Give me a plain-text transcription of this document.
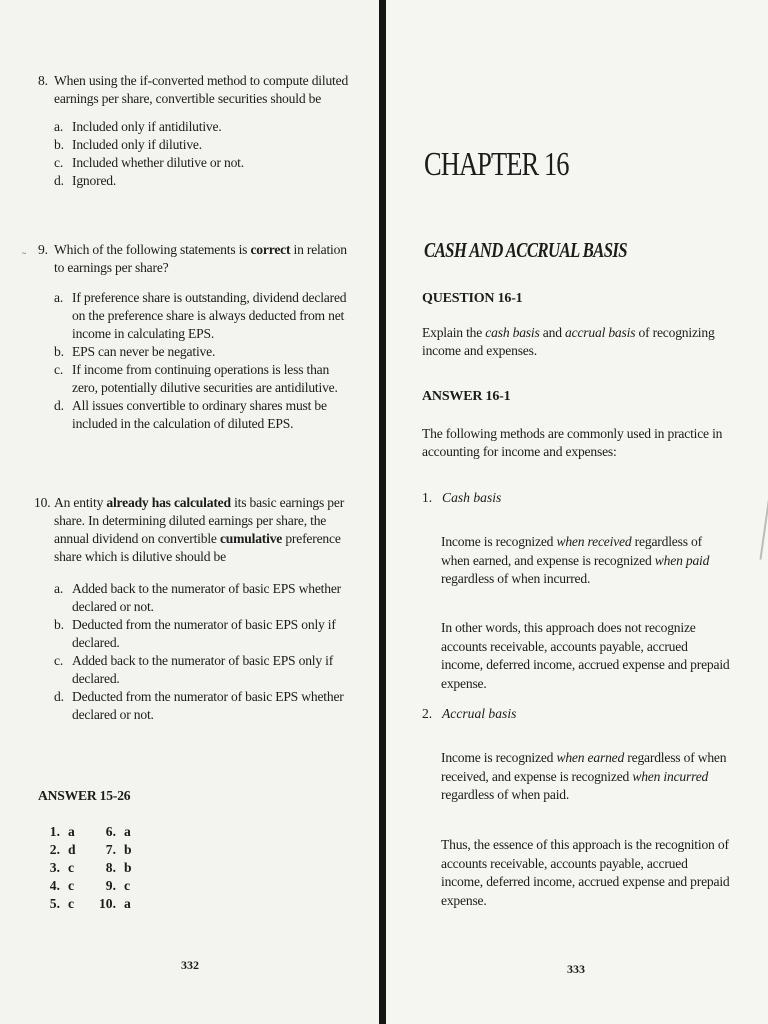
8. When using the if-converted method to compute diluted earnings per share, convertible securities should be
a. Included only if antidilutive.
b. Included only if dilutive.
c. Included whether dilutive or not.
d. Ignored.
~ 9. Which of the following statements is correct in relation to earnings per share?
a. If preference share is outstanding, dividend declared on the preference share is always deducted from net income in calculating EPS.
b. EPS can never be negative.
c. If income from continuing operations is less than zero, potentially dilutive securities are antidilutive.
d. All issues convertible to ordinary shares must be included in the calculation of diluted EPS.
10. An entity already has calculated its basic earnings per share. In determining diluted earnings per share, the annual dividend on convertible cumulative preference share which is dilutive should be
a. Added back to the numerator of basic EPS whether declared or not.
b. Deducted from the numerator of basic EPS only if declared.
c. Added back to the numerator of basic EPS only if declared.
d. Deducted from the numerator of basic EPS whether declared or not.
ANSWER 15-26
1. a
2. d
3. c
4. c
5. c
6. a
7. b
8. b
9. c
10. a
332
CHAPTER 16
CASH AND ACCRUAL BASIS
QUESTION 16-1
Explain the cash basis and accrual basis of recognizing income and expenses.
ANSWER 16-1
The following methods are commonly used in practice in accounting for income and expenses:
1. Cash basis
Income is recognized when received regardless of when earned, and expense is recognized when paid regardless of when incurred.
In other words, this approach does not recognize accounts receivable, accounts payable, accrued income, deferred income, accrued expense and prepaid expense.
2. Accrual basis
Income is recognized when earned regardless of when received, and expense is recognized when incurred regardless of when paid.
Thus, the essence of this approach is the recognition of accounts receivable, accounts payable, accrued income, deferred income, accrued expense and prepaid expense.
333
